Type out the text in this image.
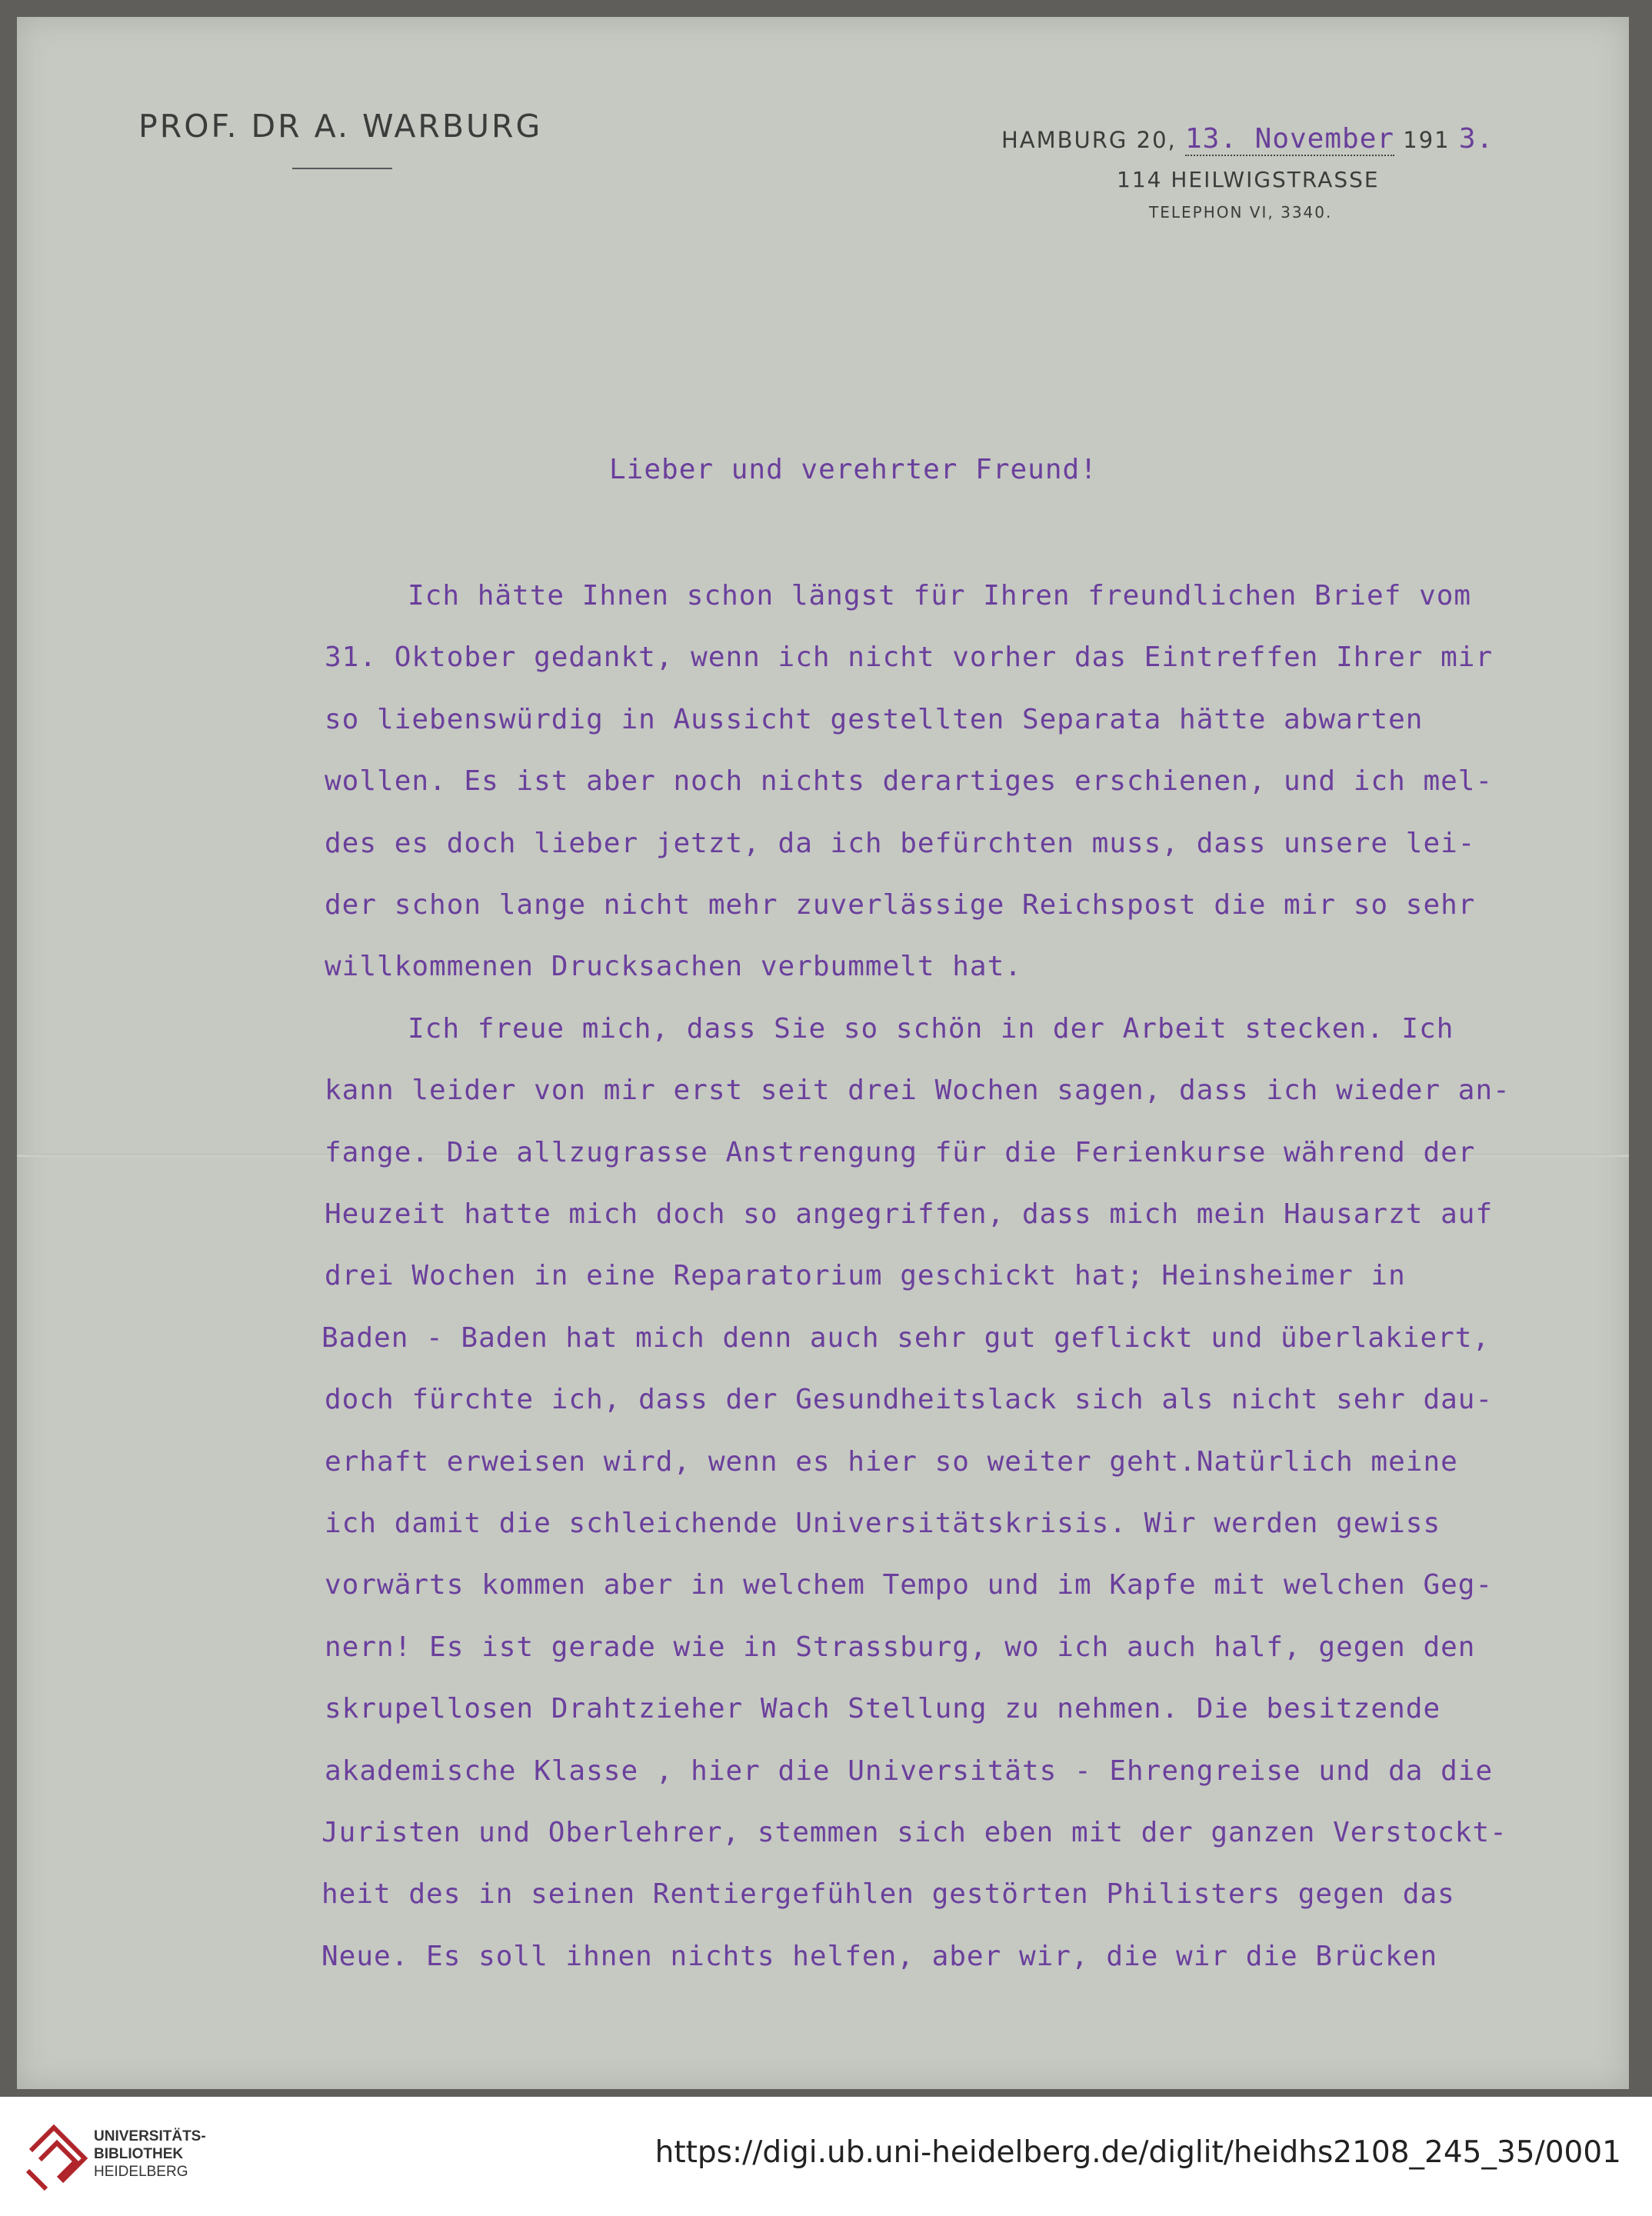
PROF. DR A. WARBURG	HAMBURG 20, 13. November 191 3.
114 HEILWIGSTRASSE
TELEPHON VI, 3340.
Lieber und verehrter Freund!
Ich hätte Ihnen schon längst für Ihren freundlichen Brief vom
31. Oktober gedankt, wenn ich nicht vorher das Eintreffen Ihrer mir
so liebenswürdig in Aussicht gestellten Separata hätte abwarten
wollen. Es ist aber noch nichts derartiges erschienen, und ich mel-
des es doch lieber jetzt, da ich befürchten muss, dass unsere lei-
der schon lange nicht mehr zuverlässige Reichspost die mir so sehr
willkommenen Drucksachen verbummelt hat.
Ich freue mich, dass Sie so schön in der Arbeit stecken. Ich
kann leider von mir erst seit drei Wochen sagen, dass ich wieder an-
fange. Die allzugrasse Anstrengung für die Ferienkurse während der
Heuzeit hatte mich doch so angegriffen, dass mich mein Hausarzt auf
drei Wochen in eine Reparatorium geschickt hat; Heinsheimer in
Baden - Baden hat mich denn auch sehr gut geflickt und überlakiert,
doch fürchte ich, dass der Gesundheitslack sich als nicht sehr dau-
erhaft erweisen wird, wenn es hier so weiter geht.Natürlich meine
ich damit die schleichende Universitätskrisis. Wir werden gewiss
vorwärts kommen aber in welchem Tempo und im Kapfe mit welchen Geg-
nern! Es ist gerade wie in Strassburg, wo ich auch half, gegen den
skrupellosen Drahtzieher Wach Stellung zu nehmen. Die besitzende
akademische Klasse , hier die Universitäts - Ehrengreise und da die
Juristen und Oberlehrer, stemmen sich eben mit der ganzen Verstockt-
heit des in seinen Rentiergefühlen gestörten Philisters gegen das
Neue. Es soll ihnen nichts helfen, aber wir, die wir die Brücken
UNIVERSITÄTS-
BIBLIOTHEK
HEIDELBERG
https://digi.ub.uni-heidelberg.de/diglit/heidhs2108_245_35/0001
